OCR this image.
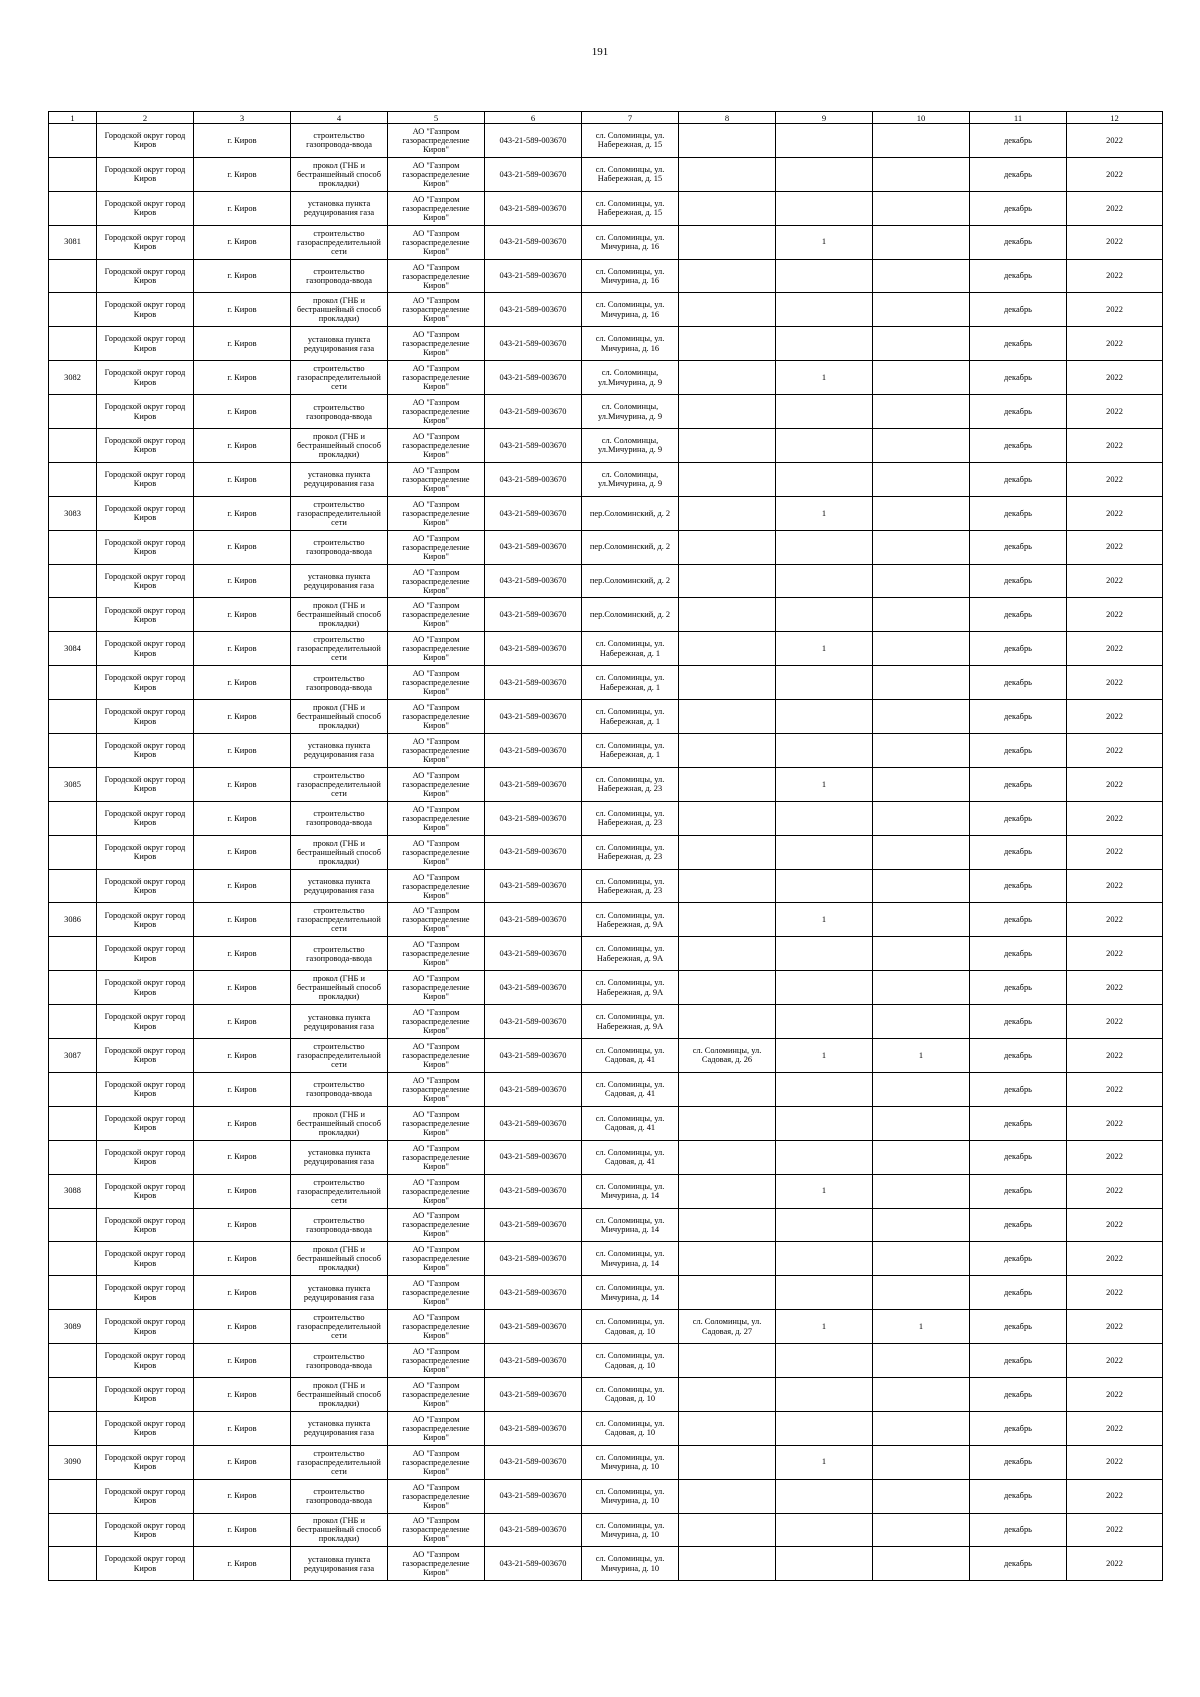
191
1	2	3	4	5	6	7	8	9	10	11	12

	Городской округ город Киров	г. Киров	строительство газопровода-ввода	АО "Газпром газораспределение Киров"	043-21-589-003670	сл. Соломинцы, ул. Набережная, д. 15				декабрь	2022

	Городской округ город Киров	г. Киров	прокол (ГНБ и бестраншейный способ прокладки)	АО "Газпром газораспределение Киров"	043-21-589-003670	сл. Соломинцы, ул. Набережная, д. 15				декабрь	2022

	Городской округ город Киров	г. Киров	установка пункта редуцирования газа	АО "Газпром газораспределение Киров"	043-21-589-003670	сл. Соломинцы, ул. Набережная, д. 15				декабрь	2022

3081	Городской округ город Киров	г. Киров	строительство газораспределительной сети	АО "Газпром газораспределение Киров"	043-21-589-003670	сл. Соломинцы, ул. Мичурина, д. 16		1		декабрь	2022

	Городской округ город Киров	г. Киров	строительство газопровода-ввода	АО "Газпром газораспределение Киров"	043-21-589-003670	сл. Соломинцы, ул. Мичурина, д. 16				декабрь	2022

	Городской округ город Киров	г. Киров	прокол (ГНБ и бестраншейный способ прокладки)	АО "Газпром газораспределение Киров"	043-21-589-003670	сл. Соломинцы, ул. Мичурина, д. 16				декабрь	2022

	Городской округ город Киров	г. Киров	установка пункта редуцирования газа	АО "Газпром газораспределение Киров"	043-21-589-003670	сл. Соломинцы, ул. Мичурина, д. 16				декабрь	2022

3082	Городской округ город Киров	г. Киров	строительство газораспределительной сети	АО "Газпром газораспределение Киров"	043-21-589-003670	сл. Соломинцы, ул.Мичурина, д. 9		1		декабрь	2022

	Городской округ город Киров	г. Киров	строительство газопровода-ввода	АО "Газпром газораспределение Киров"	043-21-589-003670	сл. Соломинцы, ул.Мичурина, д. 9				декабрь	2022

	Городской округ город Киров	г. Киров	прокол (ГНБ и бестраншейный способ прокладки)	АО "Газпром газораспределение Киров"	043-21-589-003670	сл. Соломинцы, ул.Мичурина, д. 9				декабрь	2022

	Городской округ город Киров	г. Киров	установка пункта редуцирования газа	АО "Газпром газораспределение Киров"	043-21-589-003670	сл. Соломинцы, ул.Мичурина, д. 9				декабрь	2022

3083	Городской округ город Киров	г. Киров	строительство газораспределительной сети	АО "Газпром газораспределение Киров"	043-21-589-003670	пер.Соломинский, д. 2		1		декабрь	2022

	Городской округ город Киров	г. Киров	строительство газопровода-ввода	АО "Газпром газораспределение Киров"	043-21-589-003670	пер.Соломинский, д. 2				декабрь	2022

	Городской округ город Киров	г. Киров	установка пункта редуцирования газа	АО "Газпром газораспределение Киров"	043-21-589-003670	пер.Соломинский, д. 2				декабрь	2022

	Городской округ город Киров	г. Киров	прокол (ГНБ и бестраншейный способ прокладки)	АО "Газпром газораспределение Киров"	043-21-589-003670	пер.Соломинский, д. 2				декабрь	2022

3084	Городской округ город Киров	г. Киров	строительство газораспределительной сети	АО "Газпром газораспределение Киров"	043-21-589-003670	сл. Соломинцы, ул. Набережная, д. 1		1		декабрь	2022

	Городской округ город Киров	г. Киров	строительство газопровода-ввода	АО "Газпром газораспределение Киров"	043-21-589-003670	сл. Соломинцы, ул. Набережная, д. 1				декабрь	2022

	Городской округ город Киров	г. Киров	прокол (ГНБ и бестраншейный способ прокладки)	АО "Газпром газораспределение Киров"	043-21-589-003670	сл. Соломинцы, ул. Набережная, д. 1				декабрь	2022

	Городской округ город Киров	г. Киров	установка пункта редуцирования газа	АО "Газпром газораспределение Киров"	043-21-589-003670	сл. Соломинцы, ул. Набережная, д. 1				декабрь	2022

3085	Городской округ город Киров	г. Киров	строительство газораспределительной сети	АО "Газпром газораспределение Киров"	043-21-589-003670	сл. Соломинцы, ул. Набережная, д. 23		1		декабрь	2022

	Городской округ город Киров	г. Киров	строительство газопровода-ввода	АО "Газпром газораспределение Киров"	043-21-589-003670	сл. Соломинцы, ул. Набережная, д. 23				декабрь	2022

	Городской округ город Киров	г. Киров	прокол (ГНБ и бестраншейный способ прокладки)	АО "Газпром газораспределение Киров"	043-21-589-003670	сл. Соломинцы, ул. Набережная, д. 23				декабрь	2022

	Городской округ город Киров	г. Киров	установка пункта редуцирования газа	АО "Газпром газораспределение Киров"	043-21-589-003670	сл. Соломинцы, ул. Набережная, д. 23				декабрь	2022

3086	Городской округ город Киров	г. Киров	строительство газораспределительной сети	АО "Газпром газораспределение Киров"	043-21-589-003670	сл. Соломинцы, ул. Набережная, д. 9А		1		декабрь	2022

	Городской округ город Киров	г. Киров	строительство газопровода-ввода	АО "Газпром газораспределение Киров"	043-21-589-003670	сл. Соломинцы, ул. Набережная, д. 9А				декабрь	2022

	Городской округ город Киров	г. Киров	прокол (ГНБ и бестраншейный способ прокладки)	АО "Газпром газораспределение Киров"	043-21-589-003670	сл. Соломинцы, ул. Набережная, д. 9А				декабрь	2022

	Городской округ город Киров	г. Киров	установка пункта редуцирования газа	АО "Газпром газораспределение Киров"	043-21-589-003670	сл. Соломинцы, ул. Набережная, д. 9А				декабрь	2022

3087	Городской округ город Киров	г. Киров	строительство газораспределительной сети	АО "Газпром газораспределение Киров"	043-21-589-003670	сл. Соломинцы, ул. Садовая, д. 41	сл. Соломинцы, ул. Садовая, д. 26	1	1	декабрь	2022

	Городской округ город Киров	г. Киров	строительство газопровода-ввода	АО "Газпром газораспределение Киров"	043-21-589-003670	сл. Соломинцы, ул. Садовая, д. 41				декабрь	2022

	Городской округ город Киров	г. Киров	прокол (ГНБ и бестраншейный способ прокладки)	АО "Газпром газораспределение Киров"	043-21-589-003670	сл. Соломинцы, ул. Садовая, д. 41				декабрь	2022

	Городской округ город Киров	г. Киров	установка пункта редуцирования газа	АО "Газпром газораспределение Киров"	043-21-589-003670	сл. Соломинцы, ул. Садовая, д. 41				декабрь	2022

3088	Городской округ город Киров	г. Киров	строительство газораспределительной сети	АО "Газпром газораспределение Киров"	043-21-589-003670	сл. Соломинцы, ул. Мичурина, д. 14		1		декабрь	2022

	Городской округ город Киров	г. Киров	строительство газопровода-ввода	АО "Газпром газораспределение Киров"	043-21-589-003670	сл. Соломинцы, ул. Мичурина, д. 14				декабрь	2022

	Городской округ город Киров	г. Киров	прокол (ГНБ и бестраншейный способ прокладки)	АО "Газпром газораспределение Киров"	043-21-589-003670	сл. Соломинцы, ул. Мичурина, д. 14				декабрь	2022

	Городской округ город Киров	г. Киров	установка пункта редуцирования газа	АО "Газпром газораспределение Киров"	043-21-589-003670	сл. Соломинцы, ул. Мичурина, д. 14				декабрь	2022

3089	Городской округ город Киров	г. Киров	строительство газораспределительной сети	АО "Газпром газораспределение Киров"	043-21-589-003670	сл. Соломинцы, ул. Садовая, д. 10	сл. Соломинцы, ул. Садовая, д. 27	1	1	декабрь	2022

	Городской округ город Киров	г. Киров	строительство газопровода-ввода	АО "Газпром газораспределение Киров"	043-21-589-003670	сл. Соломинцы, ул. Садовая, д. 10				декабрь	2022

	Городской округ город Киров	г. Киров	прокол (ГНБ и бестраншейный способ прокладки)	АО "Газпром газораспределение Киров"	043-21-589-003670	сл. Соломинцы, ул. Садовая, д. 10				декабрь	2022

	Городской округ город Киров	г. Киров	установка пункта редуцирования газа	АО "Газпром газораспределение Киров"	043-21-589-003670	сл. Соломинцы, ул. Садовая, д. 10				декабрь	2022

3090	Городской округ город Киров	г. Киров	строительство газораспределительной сети	АО "Газпром газораспределение Киров"	043-21-589-003670	сл. Соломинцы, ул. Мичурина, д. 10		1		декабрь	2022

	Городской округ город Киров	г. Киров	строительство газопровода-ввода	АО "Газпром газораспределение Киров"	043-21-589-003670	сл. Соломинцы, ул. Мичурина, д. 10				декабрь	2022

	Городской округ город Киров	г. Киров	прокол (ГНБ и бестраншейный способ прокладки)	АО "Газпром газораспределение Киров"	043-21-589-003670	сл. Соломинцы, ул. Мичурина, д. 10				декабрь	2022

	Городской округ город Киров	г. Киров	установка пункта редуцирования газа	АО "Газпром газораспределение Киров"	043-21-589-003670	сл. Соломинцы, ул. Мичурина, д. 10				декабрь	2022
